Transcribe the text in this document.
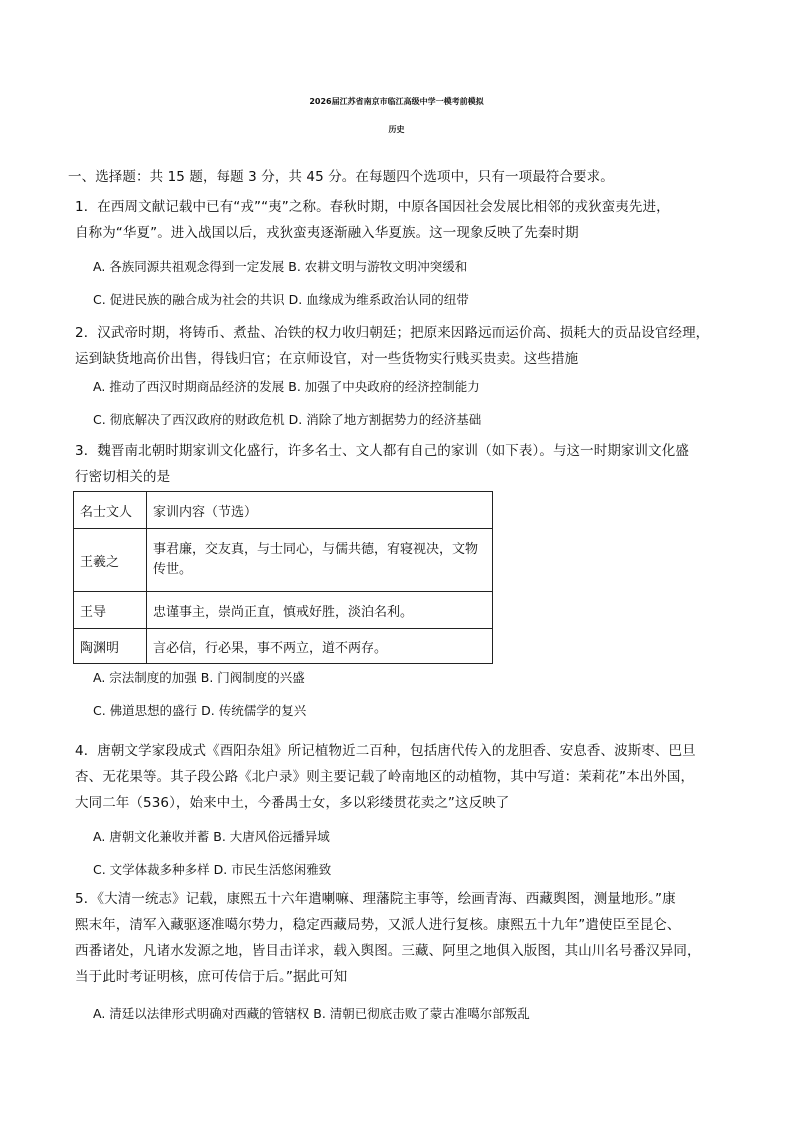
2026届江苏省南京市临江高级中学一模考前模拟
历史
一、选择题：共 15 题，每题 3 分，共 45 分。在每题四个选项中，只有一项最符合要求。
1．在西周文献记载中已有“戎”“夷”之称。春秋时期，中原各国因社会发展比相邻的戎狄蛮夷先进，
自称为“华夏”。进入战国以后，戎狄蛮夷逐渐融入华夏族。这一现象反映了先秦时期
A. 各族同源共祖观念得到一定发展 B. 农耕文明与游牧文明冲突缓和
C. 促进民族的融合成为社会的共识 D. 血缘成为维系政治认同的纽带
2．汉武帝时期，将铸币、煮盐、冶铁的权力收归朝廷；把原来因路远而运价高、损耗大的贡品设官经理，
运到缺货地高价出售，得钱归官；在京师设官，对一些货物实行贱买贵卖。这些措施
A. 推动了西汉时期商品经济的发展 B. 加强了中央政府的经济控制能力
C. 彻底解决了西汉政府的财政危机 D. 消除了地方割据势力的经济基础
3．魏晋南北朝时期家训文化盛行，许多名士、文人都有自己的家训（如下表）。与这一时期家训文化盛
行密切相关的是
名士文人	家训内容（节选）
王羲之	事君廉，交友真，与士同心，与儒共德，宥寝视决，文物传世。

王导	忠谨事主，崇尚正直，慎戒好胜，淡泊名利。
陶渊明	言必信，行必果，事不两立，道不两存。
A. 宗法制度的加强 B. 门阀制度的兴盛
C. 佛道思想的盛行 D. 传统儒学的复兴
4．唐朝文学家段成式《酉阳杂俎》所记植物近二百种，包括唐代传入的龙胆香、安息香、波斯枣、巴旦
杏、无花果等。其子段公路《北户录》则主要记载了岭南地区的动植物，其中写道：茉莉花”本出外国，
大同二年（536），始来中土，今番禺士女，多以彩缕贯花卖之”这反映了
A. 唐朝文化兼收并蓄 B. 大唐风俗远播异域
C. 文学体裁多种多样 D. 市民生活悠闲雅致
5．《大清一统志》记载，康熙五十六年遣喇嘛、理藩院主事等，绘画青海、西藏舆图，测量地形。”康
熙末年，清军入藏驱逐准噶尔势力，稳定西藏局势，又派人进行复核。康熙五十九年”遣使臣至昆仑、
西番诸处，凡诸水发源之地，皆目击详求，载入舆图。三藏、阿里之地俱入版图，其山川名号番汉异同，
当于此时考证明核，庶可传信于后。”据此可知
A. 清廷以法律形式明确对西藏的管辖权 B. 清朝已彻底击败了蒙古准噶尔部叛乱
